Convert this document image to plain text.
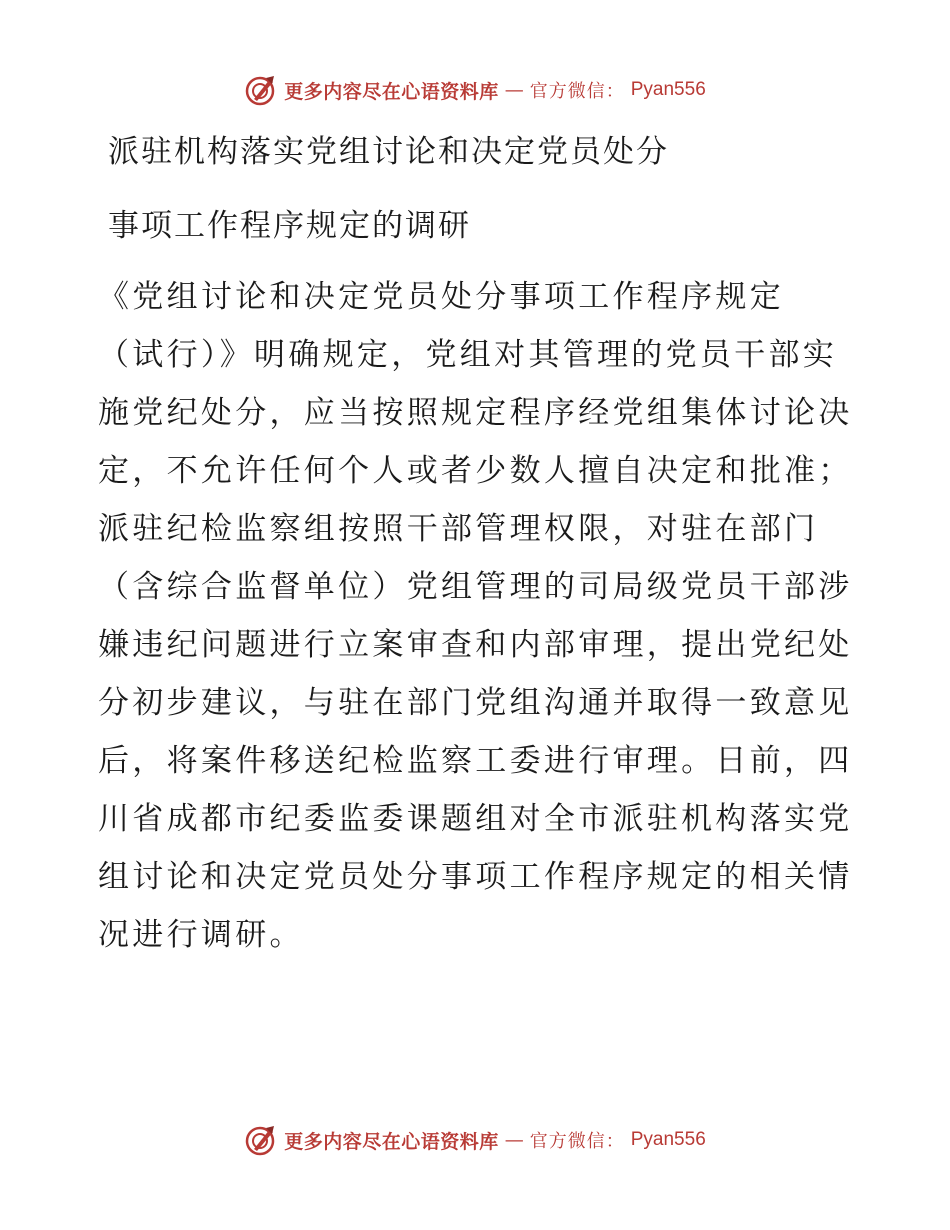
更多内容尽在心语资料库 — 官方微信： Pyan556
派驻机构落实党组讨论和决定党员处分
事项工作程序规定的调研
《党组讨论和决定党员处分事项工作程序规定
（试行）》明确规定，党组对其管理的党员干部实
施党纪处分，应当按照规定程序经党组集体讨论决
定，不允许任何个人或者少数人擅自决定和批准；
派驻纪检监察组按照干部管理权限，对驻在部门
（含综合监督单位）党组管理的司局级党员干部涉
嫌违纪问题进行立案审查和内部审理，提出党纪处
分初步建议，与驻在部门党组沟通并取得一致意见
后，将案件移送纪检监察工委进行审理。日前，四
川省成都市纪委监委课题组对全市派驻机构落实党
组讨论和决定党员处分事项工作程序规定的相关情
况进行调研。
更多内容尽在心语资料库 — 官方微信： Pyan556
